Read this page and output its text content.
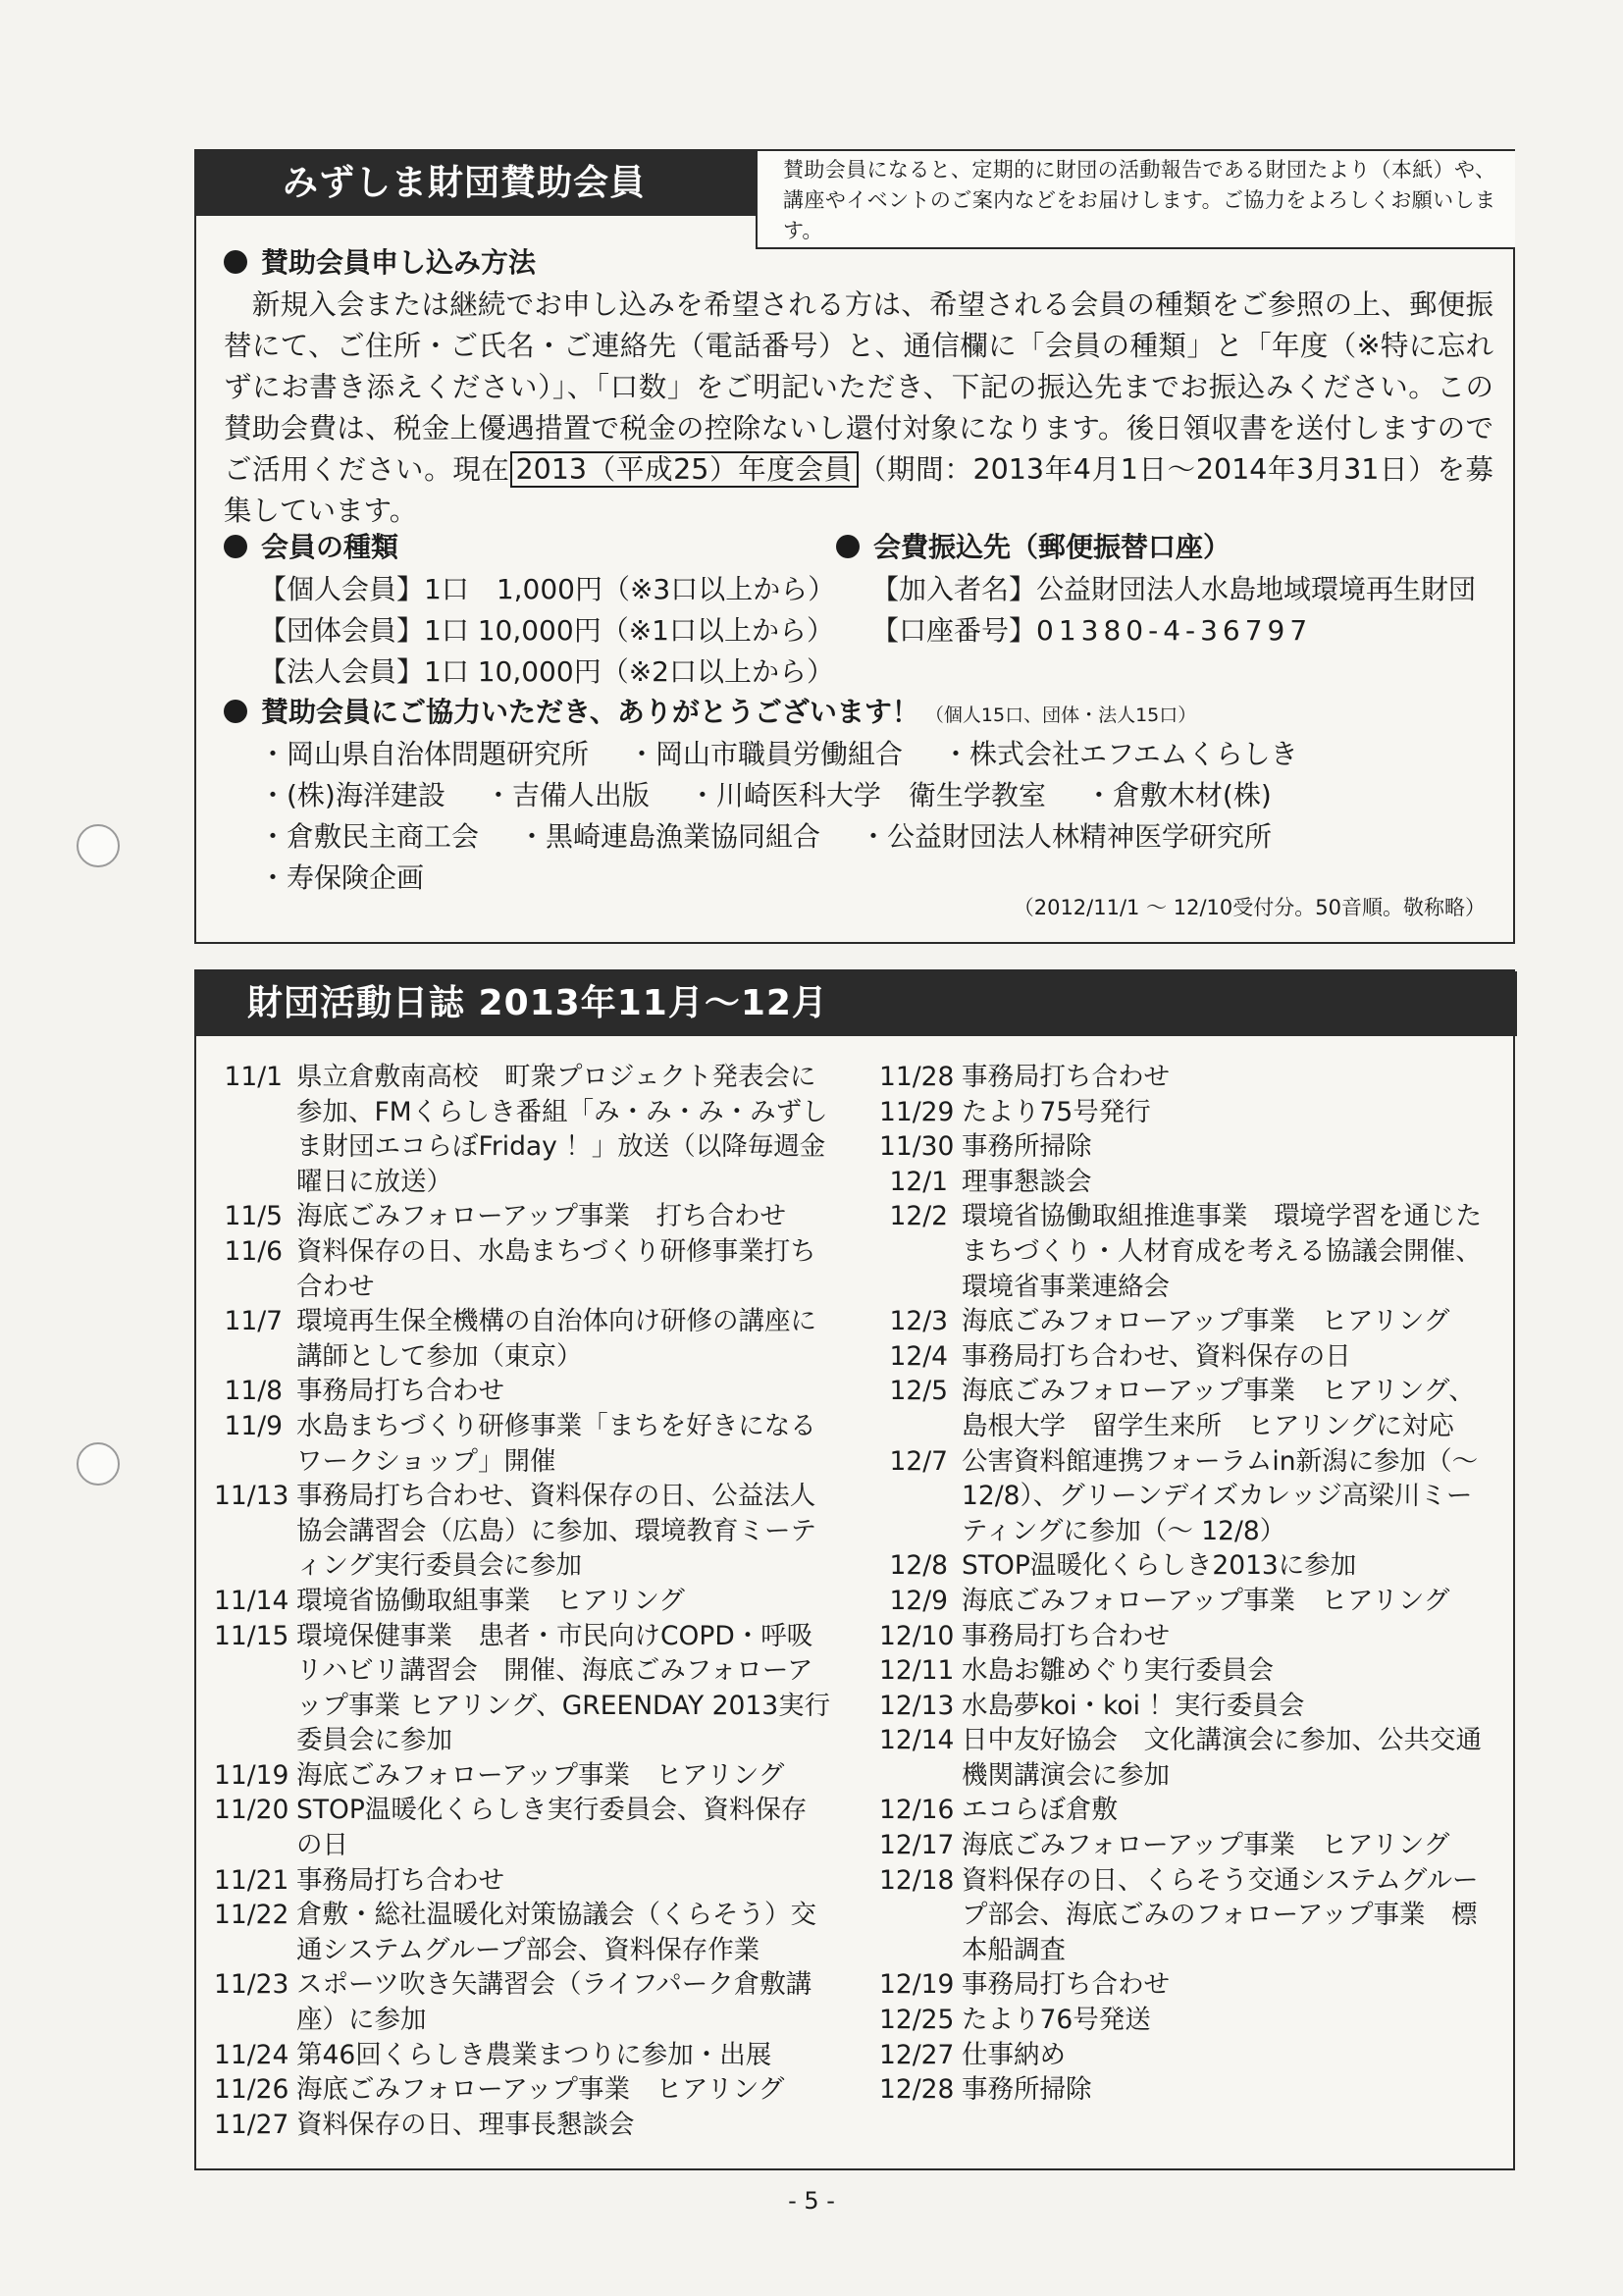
みずしま財団賛助会員	賛助会員になると、定期的に財団の活動報告である財団たより（本紙）や、講座やイベントのご案内などをお届けします。ご協力をよろしくお願いします。
賛助会員申し込み方法
 新規入会または継続でお申し込みを希望される方は、希望される会員の種類をご参照の上、郵便振替にて、ご住所・ご氏名・ご連絡先（電話番号）と、通信欄に「会員の種類」と「年度（※特に忘れずにお書き添えください）」、「口数」をご明記いただき、下記の振込先までお振込みください。この賛助会費は、税金上優遇措置で税金の控除ないし還付対象になります。後日領収書を送付しますのでご活用ください。現在 2013（平成25）年度会員 （期間：2013年4月1日〜2014年3月31日）を募集しています。
会員の種類
【個人会員】1口　1,000円（※3口以上から）
【団体会員】1口 10,000円（※1口以上から）
【法人会員】1口 10,000円（※2口以上から）
会費振込先（郵便振替口座）
【加入者名】公益財団法人水島地域環境再生財団
【口座番号】01380-4-36797
賛助会員にご協力いただき、ありがとうございます！ （個人15口、団体・法人15口）
・岡山県自治体問題研究所 ・岡山市職員労働組合 ・株式会社エフエムくらしき
・(株)海洋建設 ・吉備人出版 ・川崎医科大学　衛生学教室 ・倉敷木材(株)
・倉敷民主商工会 ・黒崎連島漁業協同組合 ・公益財団法人林精神医学研究所
・寿保険企画
（2012/11/1 〜 12/10受付分。50音順。敬称略）
財団活動日誌 2013年11月〜12月
11/1 県立倉敷南高校　町衆プロジェクト発表会に参加、FMくらしき番組「み・み・み・みずしま財団エコらぼFriday ！」放送（以降毎週金曜日に放送）
11/5 海底ごみフォローアップ事業　打ち合わせ
11/6 資料保存の日、水島まちづくり研修事業打ち合わせ
11/7 環境再生保全機構の自治体向け研修の講座に講師として参加（東京）
11/8 事務局打ち合わせ
11/9 水島まちづくり研修事業「まちを好きになるワークショップ」開催
11/13 事務局打ち合わせ、資料保存の日、公益法人協会講習会（広島）に参加、環境教育ミーティング実行委員会に参加
11/14 環境省協働取組事業　ヒアリング
11/15 環境保健事業　患者・市民向けCOPD・呼吸リハビリ講習会　開催、海底ごみフォローアップ事業 ヒアリング、GREENDAY 2013実行委員会に参加
11/19 海底ごみフォローアップ事業　ヒアリング
11/20 STOP温暖化くらしき実行委員会、資料保存の日
11/21 事務局打ち合わせ
11/22 倉敷・総社温暖化対策協議会（くらそう）交通システムグループ部会、資料保存作業
11/23 スポーツ吹き矢講習会（ライフパーク倉敷講座）に参加
11/24 第46回くらしき農業まつりに参加・出展
11/26 海底ごみフォローアップ事業　ヒアリング
11/27 資料保存の日、理事長懇談会
11/28 事務局打ち合わせ
11/29 たより75号発行
11/30 事務所掃除
12/1 理事懇談会
12/2 環境省協働取組推進事業　環境学習を通じたまちづくり・人材育成を考える協議会開催、環境省事業連絡会
12/3 海底ごみフォローアップ事業　ヒアリング
12/4 事務局打ち合わせ、資料保存の日
12/5 海底ごみフォローアップ事業　ヒアリング、島根大学　留学生来所　ヒアリングに対応
12/7 公害資料館連携フォーラムin新潟に参加（〜 12/8）、グリーンデイズカレッジ高梁川ミーティングに参加（〜 12/8）
12/8 STOP温暖化くらしき2013に参加
12/9 海底ごみフォローアップ事業　ヒアリング
12/10 事務局打ち合わせ
12/11 水島お雛めぐり実行委員会
12/13 水島夢koi・koi ！実行委員会
12/14 日中友好協会　文化講演会に参加、公共交通機関講演会に参加
12/16 エコらぼ倉敷
12/17 海底ごみフォローアップ事業　ヒアリング
12/18 資料保存の日、くらそう交通システムグループ部会、海底ごみのフォローアップ事業　標本船調査
12/19 事務局打ち合わせ
12/25 たより76号発送
12/27 仕事納め
12/28 事務所掃除
- 5 -
